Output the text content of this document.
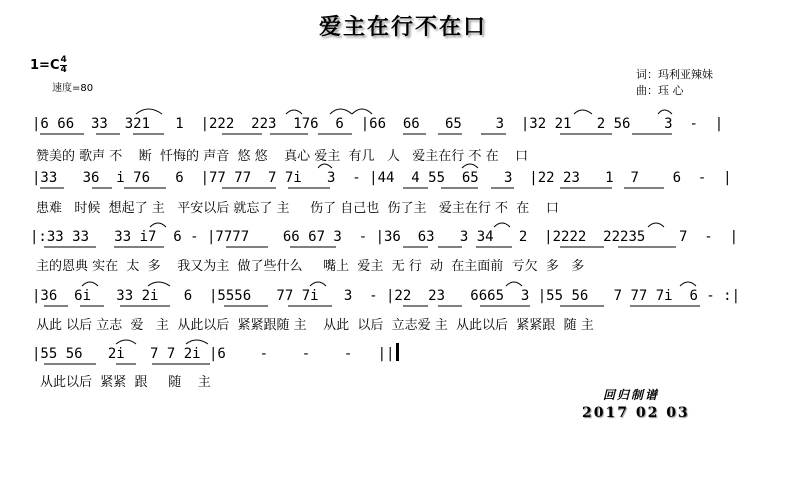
爱主在行不在口
$1=C \frac{4}{4}$
速度=80
词：玛利亚辣妹
曲：珏 心
|6 66  33  321   1  |222  223  176  6  |66  66   65    3  |32 21   2 56    3  -  |
赞美的 歌声 不    断  忏悔的 声音  悠 悠    真心 爱主  有几   人   爱主在行 不 在    口
|33   36  i 76   6  |77 77  7 7i   3  - |44  4 55  65   3  |22 23   1  7    6  -  |
患难   时候  想起了 主   平安以后 就忘了 主     伤了 自己也  伤了主   爱主在行 不  在    口
|:33 33   33 i7  6 - |7777    66 67 3  - |36  63   3 34   2  |2222  22235    7  -  |
主的恩典 实在  太  多    我又为主  做了些什么     嘴上  爱主  无 行  动  在主面前  亏欠  多   多
|36  6i   33 2i   6  |5556   77 7i   3  - |22  23   6665  3 |55 56   7 77 7i  6 - :|
从此 以后 立志  爱   主  从此以后  紧紧跟随 主    从此  以后  立志爱 主  从此以后  紧紧跟  随 主
|55 56   2i   7 7 2i |6    -    -    -   ||
从此以后  紧紧  跟     随    主
回归制谱
2017 02 03
